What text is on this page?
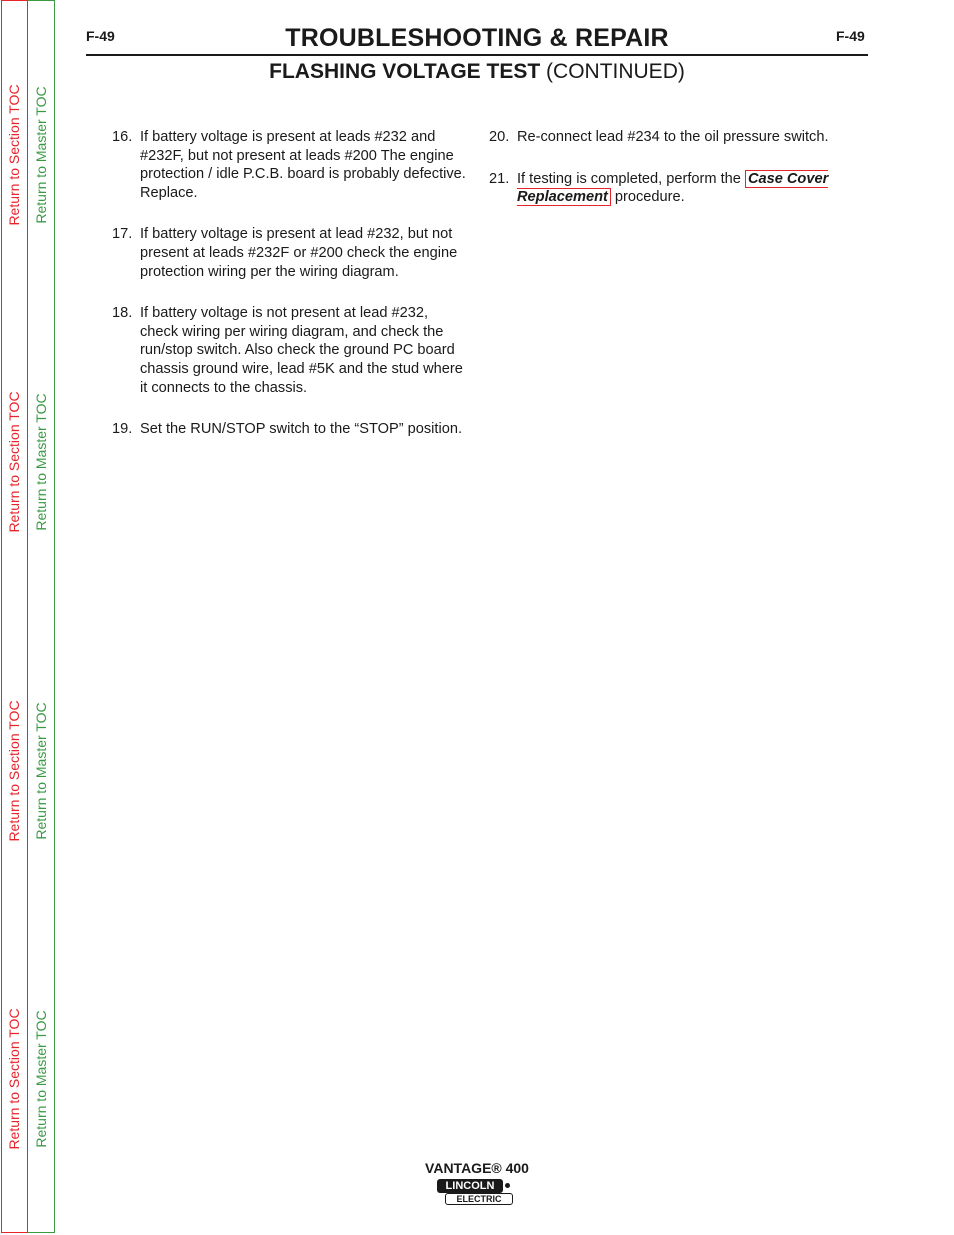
Return to Section TOC Return to Master TOC
Return to Section TOC Return to Master TOC
Return to Section TOC Return to Master TOC
Return to Section TOC Return to Master TOC
F-49	F-49
TROUBLESHOOTING & REPAIR
FLASHING VOLTAGE TEST (CONTINUED)
16. If battery voltage is present at leads #232 and #232F, but not present at leads #200 The engine protection / idle P.C.B. board is probably defective. Replace.
17. If battery voltage is present at lead #232, but not present at leads #232F or #200 check the engine protection wiring per the wiring diagram.
18. If battery voltage is not present at lead #232, check wiring per wiring diagram, and check the run/stop switch. Also check the ground PC board chassis ground wire, lead #5K and the stud where it connects to the chassis.
19. Set the RUN/STOP switch to the “STOP” position.
20. Re-connect lead #234 to the oil pressure switch.
21. If testing is completed, perform the Case Cover Replacement procedure.
VANTAGE® 400
LINCOLN
ELECTRIC
